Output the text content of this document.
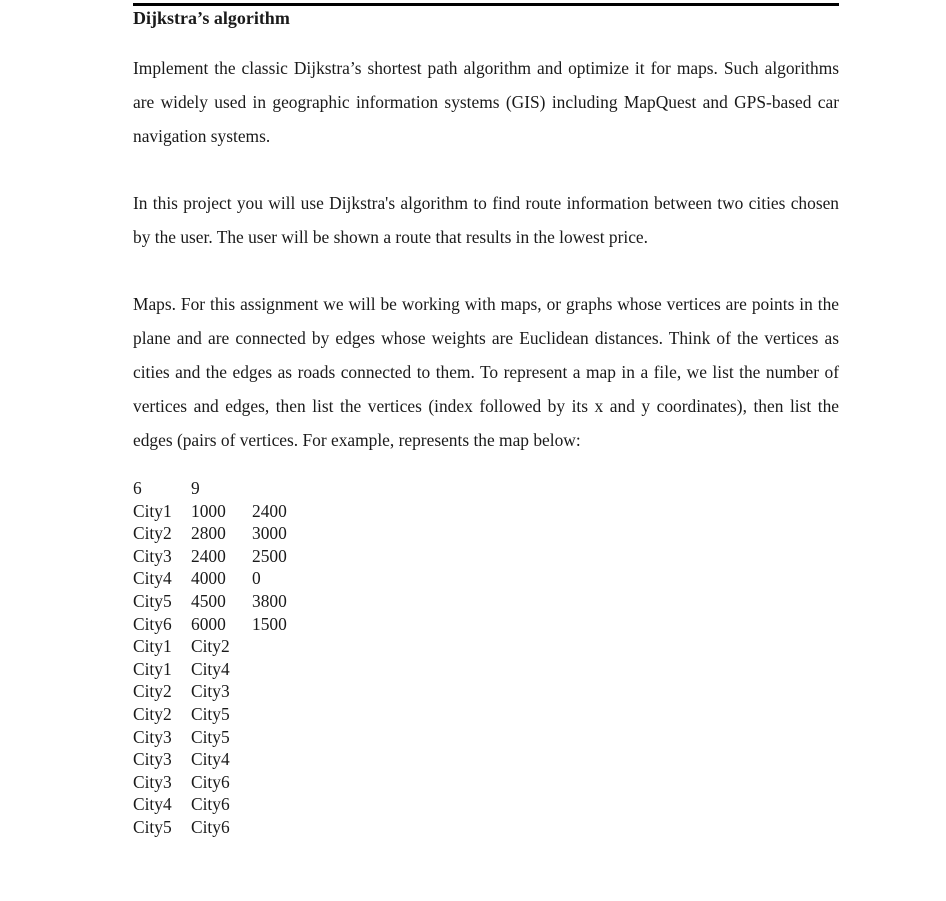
Dijkstra’s algorithm

Implement the classic Dijkstra’s shortest path algorithm and optimize it for maps. Such algorithms are widely used in geographic information systems (GIS) including MapQuest and GPS-based car navigation systems.

In this project you will use Dijkstra's algorithm to find route information between two cities chosen by the user. The user will be shown a route that results in the lowest price.

Maps. For this assignment we will be working with maps, or graphs whose vertices are points in the plane and are connected by edges whose weights are Euclidean distances. Think of the vertices as cities and the edges as roads connected to them. To represent a map in a file, we list the number of vertices and edges, then list the vertices (index followed by its x and y coordinates), then list the edges (pairs of vertices. For example, represents the map below:

6	9
City1	1000	2400
City2	2800	3000
City3	2400	2500
City4	4000	0
City5	4500	3800
City6	6000	1500
City1	City2
City1	City4
City2	City3
City2	City5
City3	City5
City3	City4
City3	City6
City4	City6
City5	City6
